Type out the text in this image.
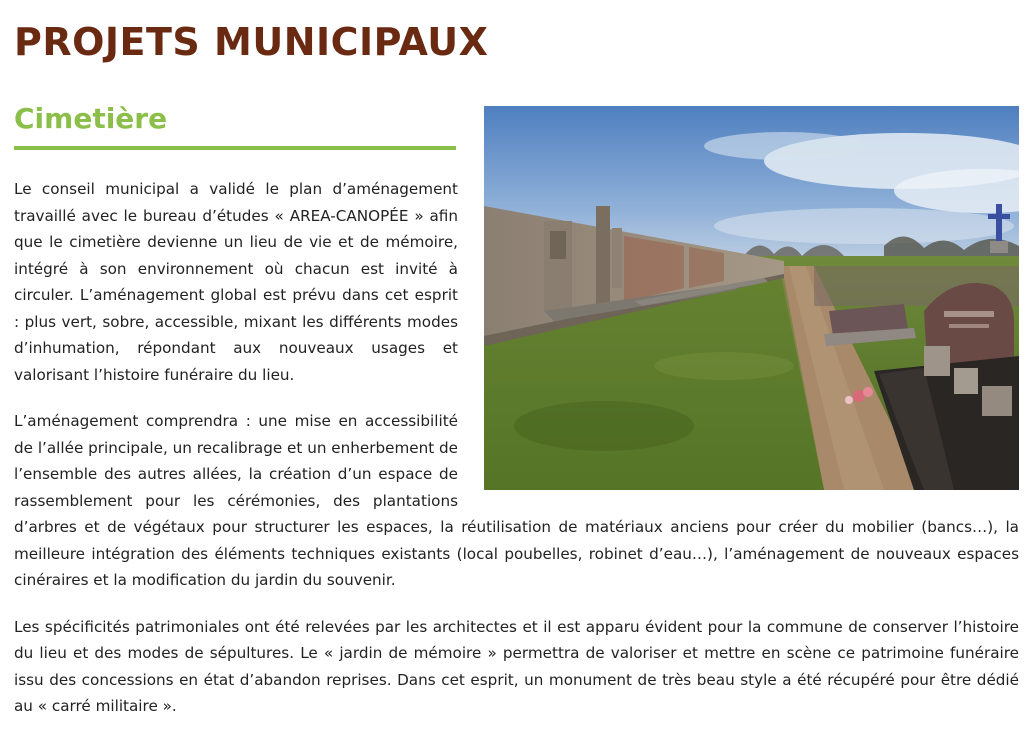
PROJETS MUNICIPAUX
Cimetière

Le conseil municipal a validé le plan d’aménagement travaillé avec le bureau d’études « AREA-CANOPÉE » afin que le cimetière devienne un lieu de vie et de mémoire, intégré à son environnement où chacun est invité à circuler. L’aménagement global est prévu dans cet esprit : plus vert, sobre, accessible, mixant les différents modes d’inhumation, répondant aux nouveaux usages et valorisant l’histoire funéraire du lieu.

L’aménagement comprendra : une mise en accessibilité de l’allée principale, un recalibrage et un enherbement de l’ensemble des autres allées, la création d’un espace de rassemblement pour les cérémonies, des plantations d’arbres et de végétaux pour structurer les espaces, la réutilisation de matériaux anciens pour créer du mobilier (bancs…), la meilleure intégration des éléments techniques existants (local poubelles, robinet d’eau…), l’aménagement de nouveaux espaces cinéraires et la modification du jardin du souvenir.

Les spécificités patrimoniales ont été relevées par les architectes et il est apparu évident pour la commune de conserver l’histoire du lieu et des modes de sépultures. Le « jardin de mémoire » permettra de valoriser et mettre en scène ce patrimoine funéraire issu des concessions en état d’abandon reprises. Dans cet esprit, un monument de très beau style a été récupéré pour être dédié au « carré militaire ».
